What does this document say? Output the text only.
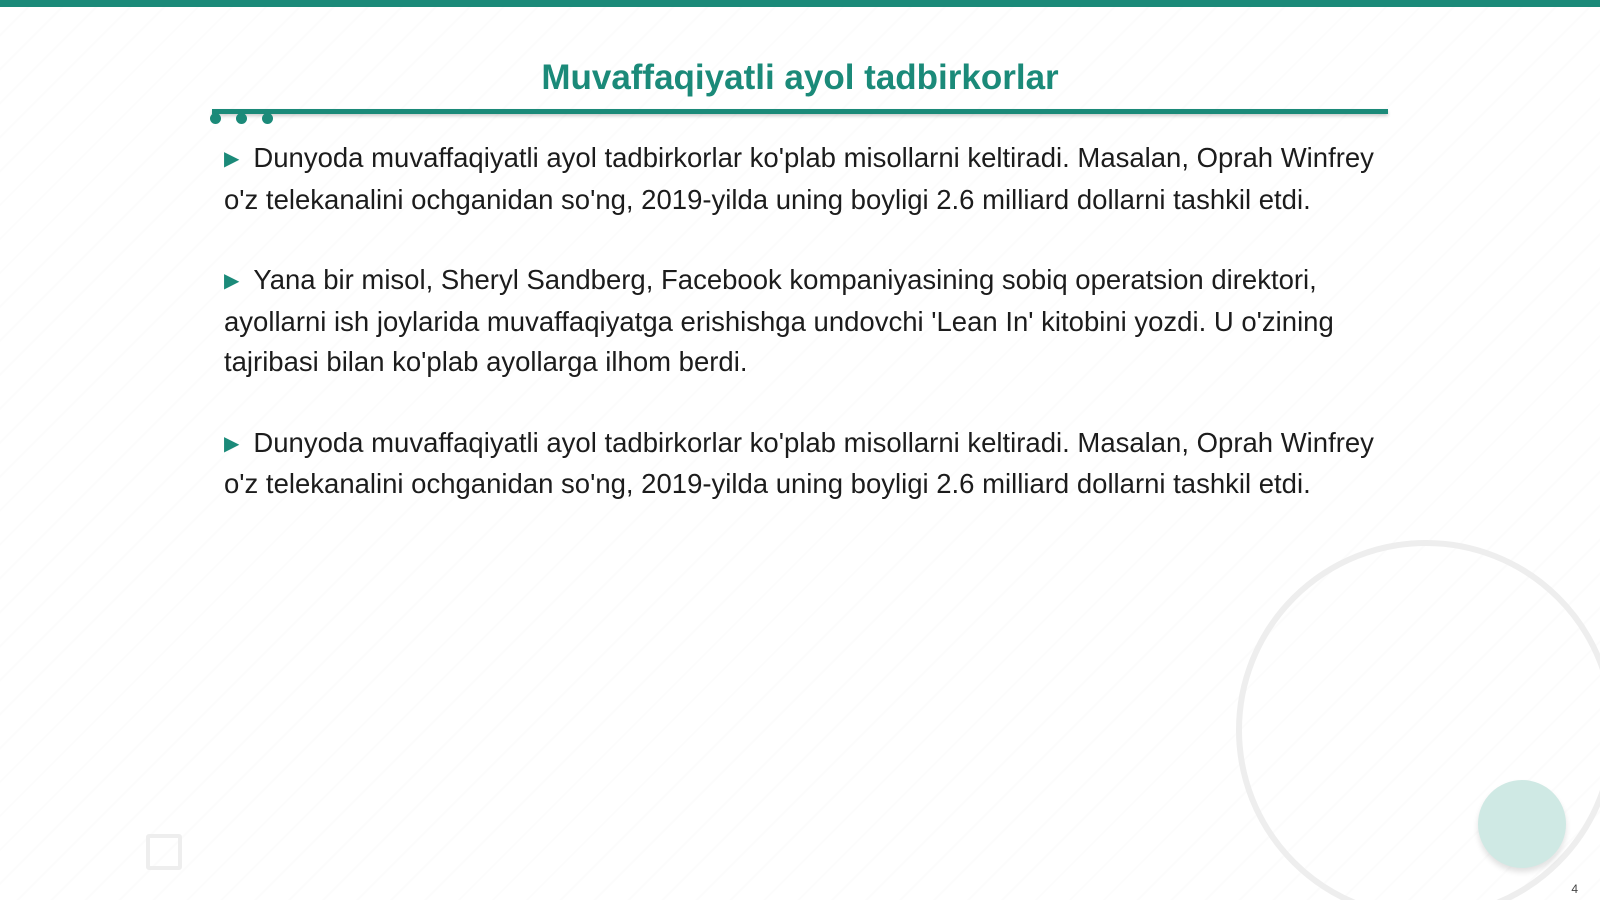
Muvaffaqiyatli ayol tadbirkorlar

▶ Dunyoda muvaffaqiyatli ayol tadbirkorlar ko'plab misollarni keltiradi. Masalan, Oprah Winfrey o'z telekanalini ochganidan so'ng, 2019-yilda uning boyligi 2.6 milliard dollarni tashkil etdi.

▶ Yana bir misol, Sheryl Sandberg, Facebook kompaniyasining sobiq operatsion direktori, ayollarni ish joylarida muvaffaqiyatga erishishga undovchi 'Lean In' kitobini yozdi. U o'zining tajribasi bilan ko'plab ayollarga ilhom berdi.

▶ Dunyoda muvaffaqiyatli ayol tadbirkorlar ko'plab misollarni keltiradi. Masalan, Oprah Winfrey o'z telekanalini ochganidan so'ng, 2019-yilda uning boyligi 2.6 milliard dollarni tashkil etdi.

4
